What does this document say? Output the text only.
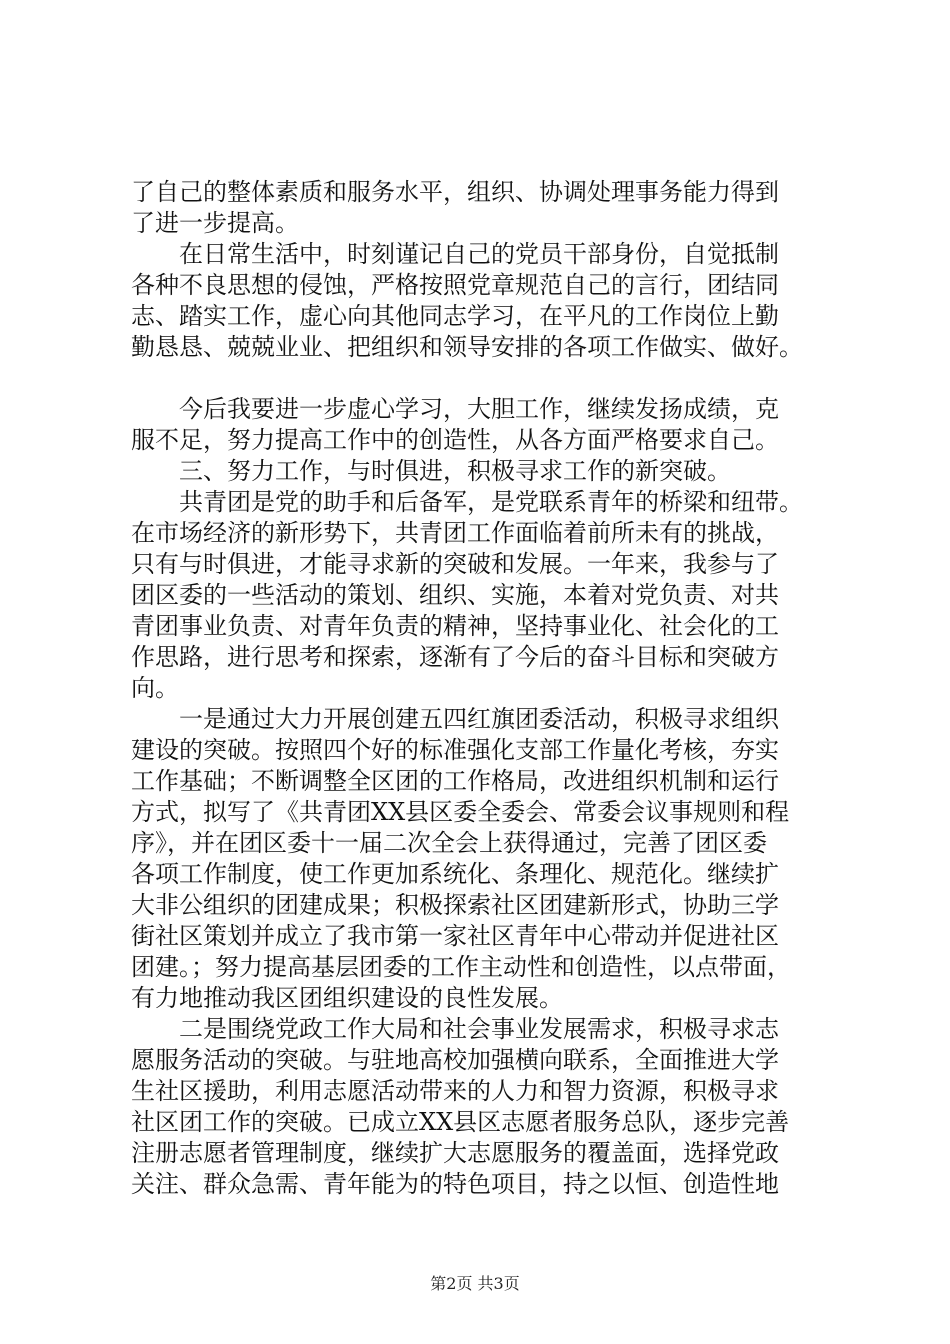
了自己的整体素质和服务水平，组织、协调处理事务能力得到
了进一步提高。
　　在日常生活中，时刻谨记自己的党员干部身份，自觉抵制
各种不良思想的侵蚀，严格按照党章规范自己的言行，团结同
志、踏实工作，虚心向其他同志学习，在平凡的工作岗位上勤
勤恳恳、兢兢业业、把组织和领导安排的各项工作做实、做好。
　　今后我要进一步虚心学习，大胆工作，继续发扬成绩，克
服不足，努力提高工作中的创造性，从各方面严格要求自己。
　　三、努力工作，与时俱进，积极寻求工作的新突破。
　　共青团是党的助手和后备军，是党联系青年的桥梁和纽带。
在市场经济的新形势下，共青团工作面临着前所未有的挑战，
只有与时俱进，才能寻求新的突破和发展。一年来，我参与了
团区委的一些活动的策划、组织、实施，本着对党负责、对共
青团事业负责、对青年负责的精神，坚持事业化、社会化的工
作思路，进行思考和探索，逐渐有了今后的奋斗目标和突破方
向。
　　一是通过大力开展创建五四红旗团委活动，积极寻求组织
建设的突破。按照四个好的标准强化支部工作量化考核，夯实
工作基础；不断调整全区团的工作格局，改进组织机制和运行
方式，拟写了《共青团XX县区委全委会、常委会议事规则和程
序》，并在团区委十一届二次全会上获得通过，完善了团区委
各项工作制度，使工作更加系统化、条理化、规范化。继续扩
大非公组织的团建成果；积极探索社区团建新形式，协助三学
街社区策划并成立了我市第一家社区青年中心带动并促进社区
团建。；努力提高基层团委的工作主动性和创造性，以点带面，
有力地推动我区团组织建设的良性发展。
　　二是围绕党政工作大局和社会事业发展需求，积极寻求志
愿服务活动的突破。与驻地高校加强横向联系，全面推进大学
生社区援助，利用志愿活动带来的人力和智力资源，积极寻求
社区团工作的突破。已成立XX县区志愿者服务总队，逐步完善
注册志愿者管理制度，继续扩大志愿服务的覆盖面，选择党政
关注、群众急需、青年能为的特色项目，持之以恒、创造性地
第2页 共3页
